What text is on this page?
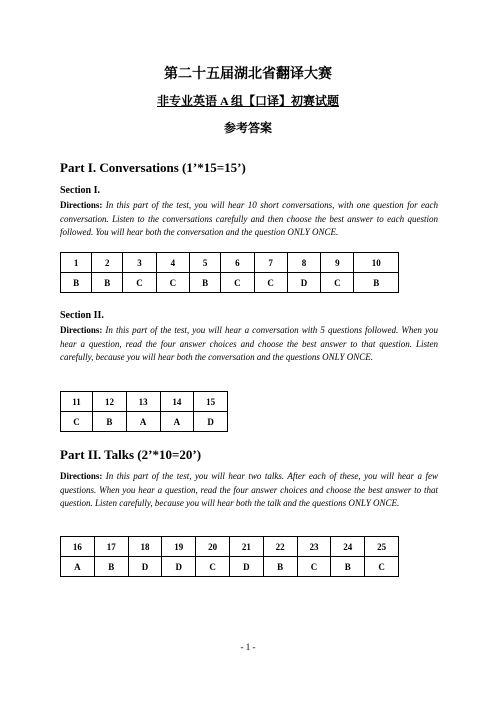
第二十五届湖北省翻译大赛
非专业英语 A 组【口译】初赛试题
参考答案
Part I. Conversations (1’*15=15’)
Section I.
Directions: In this part of the test, you will hear 10 short conversations, with one question for each conversation. Listen to the conversations carefully and then choose the best answer to each question followed. You will hear both the conversation and the question ONLY ONCE.
1	2	3	4	5	6	7	8	9	10
B	B	C	C	B	C	C	D	C	B
Section II.
Directions: In this part of the test, you will hear a conversation with 5 questions followed. When you hear a question, read the four answer choices and choose the best answer to that question. Listen carefully, because you will hear both the conversation and the questions ONLY ONCE.
11	12	13	14	15
C	B	A	A	D
Part II. Talks (2’*10=20’)
Directions: In this part of the test, you will hear two talks. After each of these, you will hear a few questions. When you hear a question, read the four answer choices and choose the best answer to that question. Listen carefully, because you will hear both the talk and the questions ONLY ONCE.
16	17	18	19	20	21	22	23	24	25
A	B	D	D	C	D	B	C	B	C
- 1 -
